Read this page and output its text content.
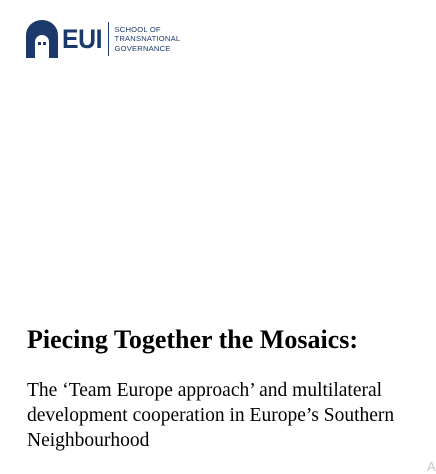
EUI SCHOOL OF
TRANSNATIONAL
GOVERNANCE
Piecing Together the Mosaics:
The ‘Team Europe approach’ and multilateral
development cooperation in Europe’s Southern
Neighbourhood
A
